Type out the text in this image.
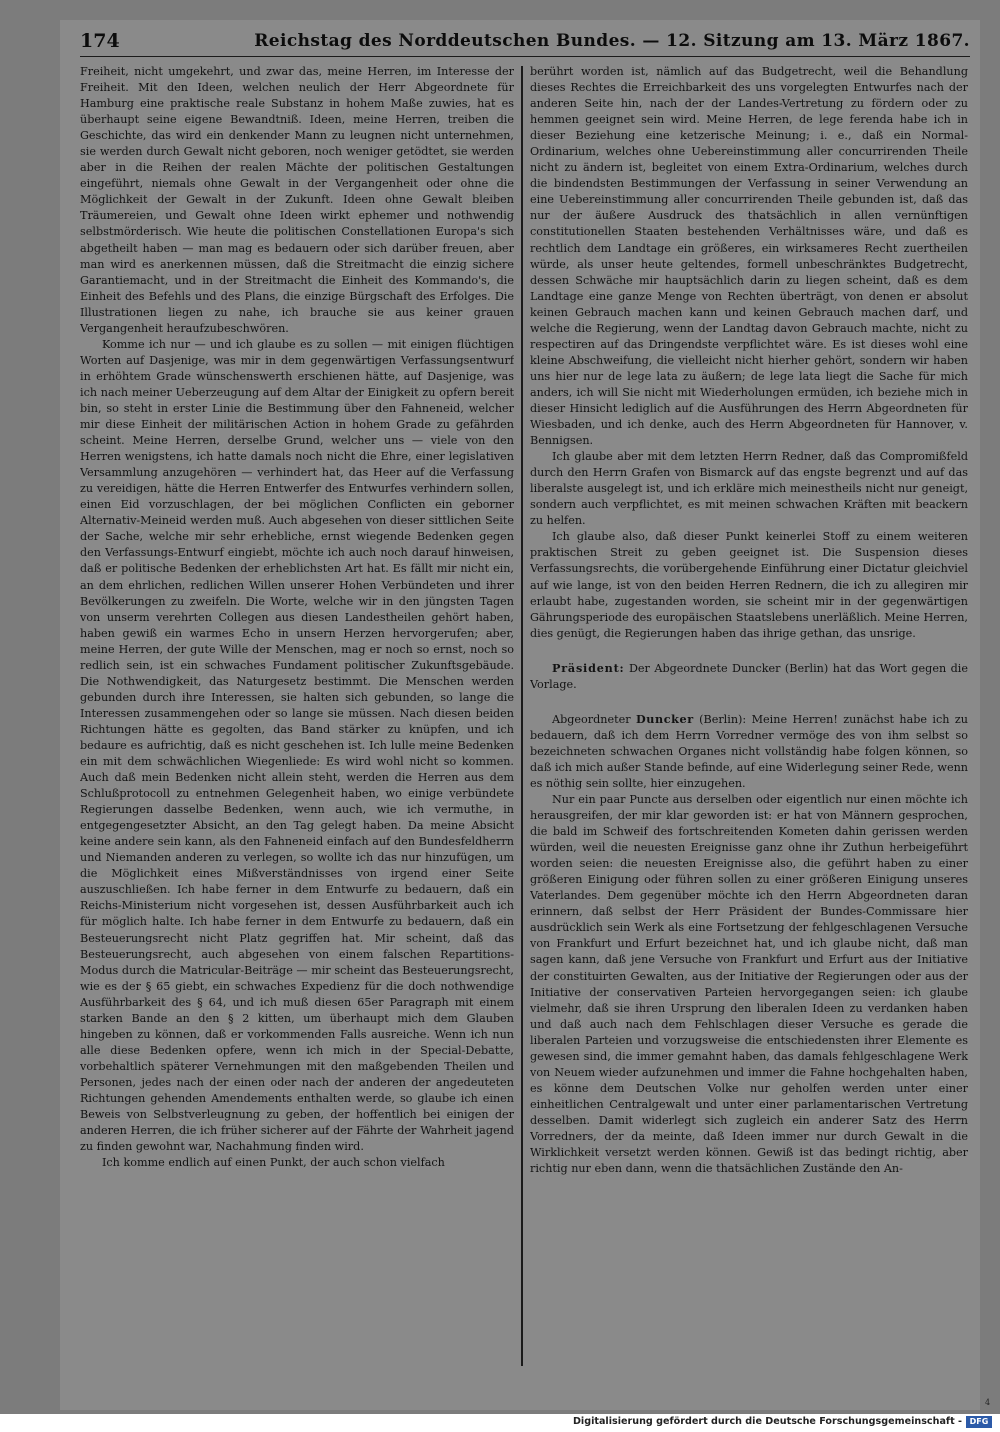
174	Reichstag des Norddeutschen Bundes. — 12. Sitzung am 13. März 1867.

Freiheit, nicht umgekehrt, und zwar das, meine Herren, im Interesse der Freiheit. Mit den Ideen, welchen neulich der Herr Abgeordnete für Hamburg eine praktische reale Substanz in hohem Maße zuwies, hat es überhaupt seine eigene Bewandtniß. Ideen, meine Herren, treiben die Geschichte, das wird ein denkender Mann zu leugnen nicht unternehmen, sie werden durch Gewalt nicht geboren, noch weniger getödtet, sie werden aber in die Reihen der realen Mächte der politischen Gestaltungen eingeführt, niemals ohne Gewalt in der Vergangenheit oder ohne die Möglichkeit der Gewalt in der Zukunft. Ideen ohne Gewalt bleiben Träumereien, und Gewalt ohne Ideen wirkt ephemer und nothwendig selbstmörderisch. Wie heute die politischen Constellationen Europa's sich abgetheilt haben — man mag es bedauern oder sich darüber freuen, aber man wird es anerkennen müssen, daß die Streitmacht die einzig sichere Garantiemacht, und in der Streitmacht die Einheit des Kommando's, die Einheit des Befehls und des Plans, die einzige Bürgschaft des Erfolges. Die Illustrationen liegen zu nahe, ich brauche sie aus keiner grauen Vergangenheit heraufzubeschwören.

Komme ich nur — und ich glaube es zu sollen — mit einigen flüchtigen Worten auf Dasjenige, was mir in dem gegenwärtigen Verfassungsentwurf in erhöhtem Grade wünschenswerth erschienen hätte, auf Dasjenige, was ich nach meiner Ueberzeugung auf dem Altar der Einigkeit zu opfern bereit bin, so steht in erster Linie die Bestimmung über den Fahneneid, welcher mir diese Einheit der militärischen Action in hohem Grade zu gefährden scheint. Meine Herren, derselbe Grund, welcher uns — viele von den Herren wenigstens, ich hatte damals noch nicht die Ehre, einer legislativen Versammlung anzugehören — verhindert hat, das Heer auf die Verfassung zu vereidigen, hätte die Herren Entwerfer des Entwurfes verhindern sollen, einen Eid vorzuschlagen, der bei möglichen Conflicten ein geborner Alternativ-Meineid werden muß. Auch abgesehen von dieser sittlichen Seite der Sache, welche mir sehr erhebliche, ernst wiegende Bedenken gegen den Verfassungs-Entwurf eingiebt, möchte ich auch noch darauf hinweisen, daß er politische Bedenken der erheblichsten Art hat. Es fällt mir nicht ein, an dem ehrlichen, redlichen Willen unserer Hohen Verbündeten und ihrer Bevölkerungen zu zweifeln. Die Worte, welche wir in den jüngsten Tagen von unserm verehrten Collegen aus diesen Landestheilen gehört haben, haben gewiß ein warmes Echo in unsern Herzen hervorgerufen; aber, meine Herren, der gute Wille der Menschen, mag er noch so ernst, noch so redlich sein, ist ein schwaches Fundament politischer Zukunftsgebäude. Die Nothwendigkeit, das Naturgesetz bestimmt. Die Menschen werden gebunden durch ihre Interessen, sie halten sich gebunden, so lange die Interessen zusammengehen oder so lange sie müssen. Nach diesen beiden Richtungen hätte es gegolten, das Band stärker zu knüpfen, und ich bedaure es aufrichtig, daß es nicht geschehen ist. Ich lulle meine Bedenken ein mit dem schwächlichen Wiegenliede: Es wird wohl nicht so kommen. Auch daß mein Bedenken nicht allein steht, werden die Herren aus dem Schlußprotocoll zu entnehmen Gelegenheit haben, wo einige verbündete Regierungen dasselbe Bedenken, wenn auch, wie ich vermuthe, in entgegengesetzter Absicht, an den Tag gelegt haben. Da meine Absicht keine andere sein kann, als den Fahneneid einfach auf den Bundesfeldherrn und Niemanden anderen zu verlegen, so wollte ich das nur hinzufügen, um die Möglichkeit eines Mißverständnisses von irgend einer Seite auszuschließen. Ich habe ferner in dem Entwurfe zu bedauern, daß ein Reichs-Ministerium nicht vorgesehen ist, dessen Ausführbarkeit auch ich für möglich halte. Ich habe ferner in dem Entwurfe zu bedauern, daß ein Besteuerungsrecht nicht Platz gegriffen hat. Mir scheint, daß das Besteuerungsrecht, auch abgesehen von einem falschen Repartitions-Modus durch die Matricular-Beiträge — mir scheint das Besteuerungsrecht, wie es der § 65 giebt, ein schwaches Expedienz für die doch nothwendige Ausführbarkeit des § 64, und ich muß diesen 65er Paragraph mit einem starken Bande an den § 2 kitten, um überhaupt mich dem Glauben hingeben zu können, daß er vorkommenden Falls ausreiche. Wenn ich nun alle diese Bedenken opfere, wenn ich mich in der Special-Debatte, vorbehaltlich späterer Vernehmungen mit den maßgebenden Theilen und Personen, jedes nach der einen oder nach der anderen der angedeuteten Richtungen gehenden Amendements enthalten werde, so glaube ich einen Beweis von Selbstverleugnung zu geben, der hoffentlich bei einigen der anderen Herren, die ich früher sicherer auf der Fährte der Wahrheit jagend zu finden gewohnt war, Nachahmung finden wird.

Ich komme endlich auf einen Punkt, der auch schon vielfach

berührt worden ist, nämlich auf das Budgetrecht, weil die Behandlung dieses Rechtes die Erreichbarkeit des uns vorgelegten Entwurfes nach der anderen Seite hin, nach der der Landes-Vertretung zu fördern oder zu hemmen geeignet sein wird. Meine Herren, de lege ferenda habe ich in dieser Beziehung eine ketzerische Meinung; i. e., daß ein Normal-Ordinarium, welches ohne Uebereinstimmung aller concurrirenden Theile nicht zu ändern ist, begleitet von einem Extra-Ordinarium, welches durch die bindendsten Bestimmungen der Verfassung in seiner Verwendung an eine Uebereinstimmung aller concurrirenden Theile gebunden ist, daß das nur der äußere Ausdruck des thatsächlich in allen vernünftigen constitutionellen Staaten bestehenden Verhältnisses wäre, und daß es rechtlich dem Landtage ein größeres, ein wirksameres Recht zuertheilen würde, als unser heute geltendes, formell unbeschränktes Budgetrecht, dessen Schwäche mir hauptsächlich darin zu liegen scheint, daß es dem Landtage eine ganze Menge von Rechten überträgt, von denen er absolut keinen Gebrauch machen kann und keinen Gebrauch machen darf, und welche die Regierung, wenn der Landtag davon Gebrauch machte, nicht zu respectiren auf das Dringendste verpflichtet wäre. Es ist dieses wohl eine kleine Abschweifung, die vielleicht nicht hierher gehört, sondern wir haben uns hier nur de lege lata zu äußern; de lege lata liegt die Sache für mich anders, ich will Sie nicht mit Wiederholungen ermüden, ich beziehe mich in dieser Hinsicht lediglich auf die Ausführungen des Herrn Abgeordneten für Wiesbaden, und ich denke, auch des Herrn Abgeordneten für Hannover, v. Bennigsen.

Ich glaube aber mit dem letzten Herrn Redner, daß das Compromißfeld durch den Herrn Grafen von Bismarck auf das engste begrenzt und auf das liberalste ausgelegt ist, und ich erkläre mich meinestheils nicht nur geneigt, sondern auch verpflichtet, es mit meinen schwachen Kräften mit beackern zu helfen.

Ich glaube also, daß dieser Punkt keinerlei Stoff zu einem weiteren praktischen Streit zu geben geeignet ist. Die Suspension dieses Verfassungsrechts, die vorübergehende Einführung einer Dictatur gleichviel auf wie lange, ist von den beiden Herren Rednern, die ich zu allegiren mir erlaubt habe, zugestanden worden, sie scheint mir in der gegenwärtigen Gährungsperiode des europäischen Staatslebens unerläßlich. Meine Herren, dies genügt, die Regierungen haben das ihrige gethan, das unsrige.

Präsident: Der Abgeordnete Duncker (Berlin) hat das Wort gegen die Vorlage.

Abgeordneter Duncker (Berlin): Meine Herren! zunächst habe ich zu bedauern, daß ich dem Herrn Vorredner vermöge des von ihm selbst so bezeichneten schwachen Organes nicht vollständig habe folgen können, so daß ich mich außer Stande befinde, auf eine Widerlegung seiner Rede, wenn es nöthig sein sollte, hier einzugehen.

Nur ein paar Puncte aus derselben oder eigentlich nur einen möchte ich herausgreifen, der mir klar geworden ist: er hat von Männern gesprochen, die bald im Schweif des fortschreitenden Kometen dahin gerissen werden würden, weil die neuesten Ereignisse ganz ohne ihr Zuthun herbeigeführt worden seien: die neuesten Ereignisse also, die geführt haben zu einer größeren Einigung oder führen sollen zu einer größeren Einigung unseres Vaterlandes. Dem gegenüber möchte ich den Herrn Abgeordneten daran erinnern, daß selbst der Herr Präsident der Bundes-Commissare hier ausdrücklich sein Werk als eine Fortsetzung der fehlgeschlagenen Versuche von Frankfurt und Erfurt bezeichnet hat, und ich glaube nicht, daß man sagen kann, daß jene Versuche von Frankfurt und Erfurt aus der Initiative der constituirten Gewalten, aus der Initiative der Regierungen oder aus der Initiative der conservativen Parteien hervorgegangen seien: ich glaube vielmehr, daß sie ihren Ursprung den liberalen Ideen zu verdanken haben und daß auch nach dem Fehlschlagen dieser Versuche es gerade die liberalen Parteien und vorzugsweise die entschiedensten ihrer Elemente es gewesen sind, die immer gemahnt haben, das damals fehlgeschlagene Werk von Neuem wieder aufzunehmen und immer die Fahne hochgehalten haben, es könne dem Deutschen Volke nur geholfen werden unter einer einheitlichen Centralgewalt und unter einer parlamentarischen Vertretung desselben. Damit widerlegt sich zugleich ein anderer Satz des Herrn Vorredners, der da meinte, daß Ideen immer nur durch Gewalt in die Wirklichkeit versetzt werden können. Gewiß ist das bedingt richtig, aber richtig nur eben dann, wenn die thatsächlichen Zustände den An-

4
Digitalisierung gefördert durch die Deutsche Forschungsgemeinschaft - DFG
